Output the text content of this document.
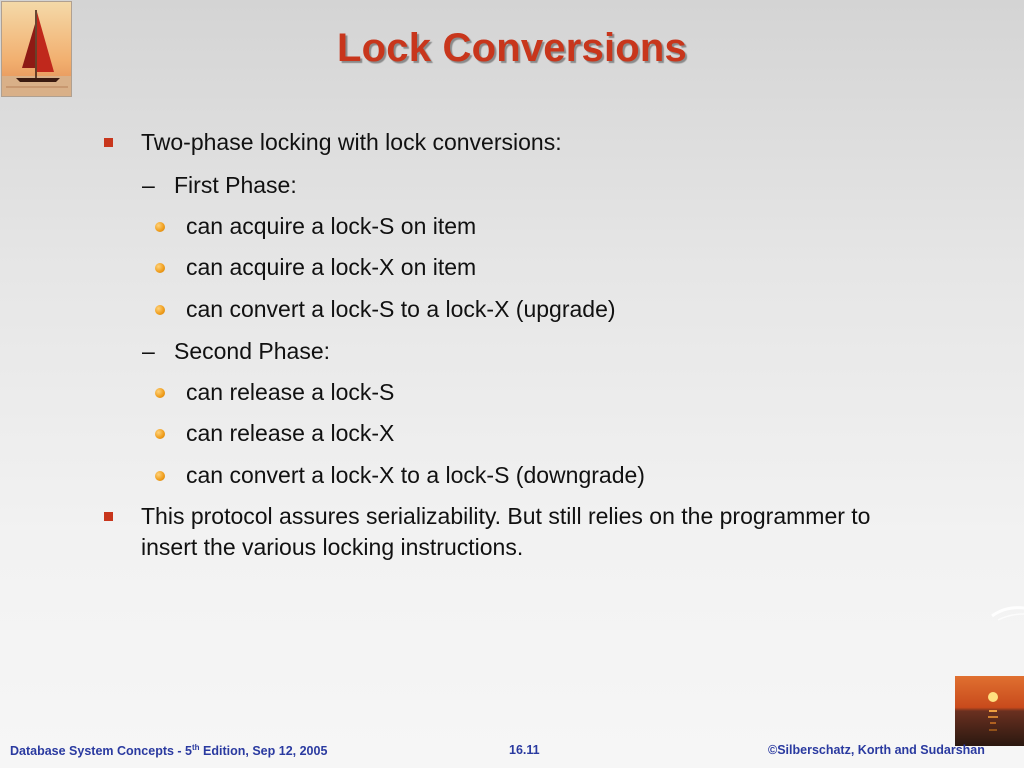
Lock Conversions
Two-phase locking with lock conversions:
– First Phase:
can acquire a lock-S on item
can acquire a lock-X on item
can convert a lock-S to a lock-X (upgrade)
– Second Phase:
can release a lock-S
can release a lock-X
can convert a lock-X to a lock-S (downgrade)
This protocol assures serializability. But still relies on the programmer to
insert the various locking instructions.
Database System Concepts - 5th Edition, Sep 12, 2005	16.11	©Silberschatz, Korth and Sudarshan
